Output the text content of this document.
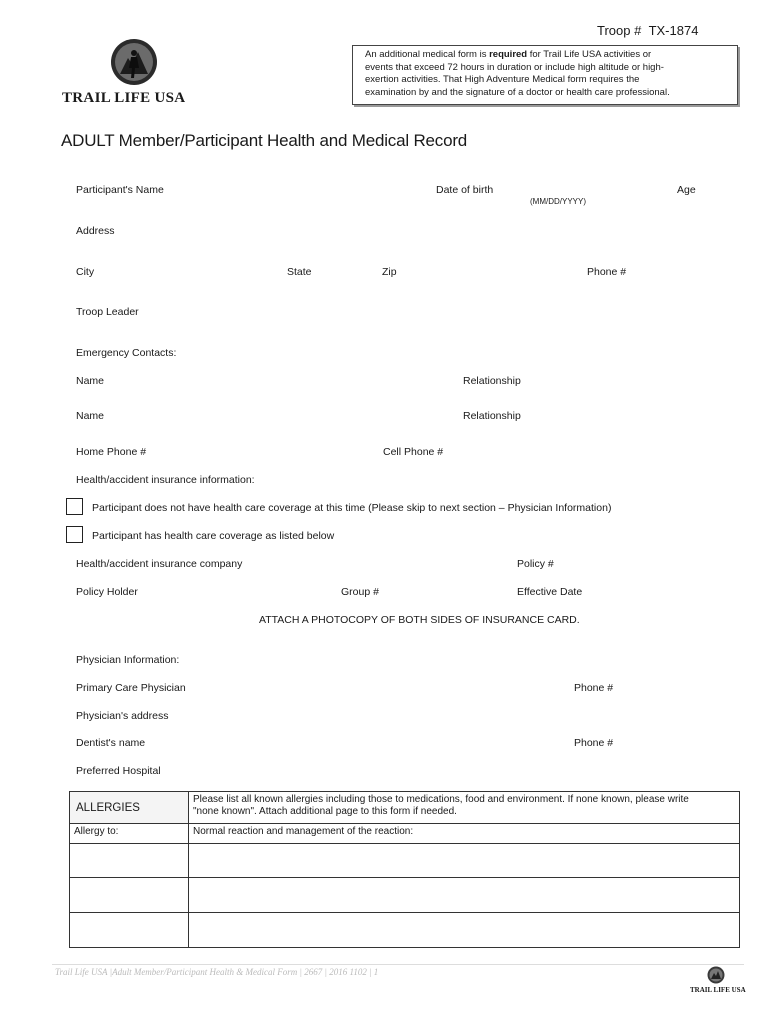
Troop # TX-1874
TRAIL LIFE USA
An additional medical form is required for Trail Life USA activities or
events that exceed 72 hours in duration or include high altitude or high-
exertion activities. That High Adventure Medical form requires the
examination by and the signature of a doctor or health care professional.
ADULT Member/Participant Health and Medical Record
Participant's Name	Date of birth
(MM/DD/YYYY)
Age
Address
City	State	Zip	Phone #
Troop Leader
Emergency Contacts:
Name	Relationship
Name	Relationship
Home Phone #	Cell Phone #
Health/accident insurance information:
Participant does not have health care coverage at this time (Please skip to next section – Physician Information)
Participant has health care coverage as listed below
Health/accident insurance company	Policy #
Policy Holder	Group #	Effective Date
ATTACH A PHOTOCOPY OF BOTH SIDES OF INSURANCE CARD.
Physician Information:
Primary Care Physician	Phone #
Physician's address
Dentist's name	Phone #
Preferred Hospital
ALLERGIES	Please list all known allergies including those to medications, food and environment. If none known, please write
"none known". Attach additional page to this form if needed.

Allergy to:	Normal reaction and management of the reaction:

Trail Life USA |Adult Member/Participant Health & Medical Form | 2667 | 2016 1102 | 1
TRAIL LIFE USA
